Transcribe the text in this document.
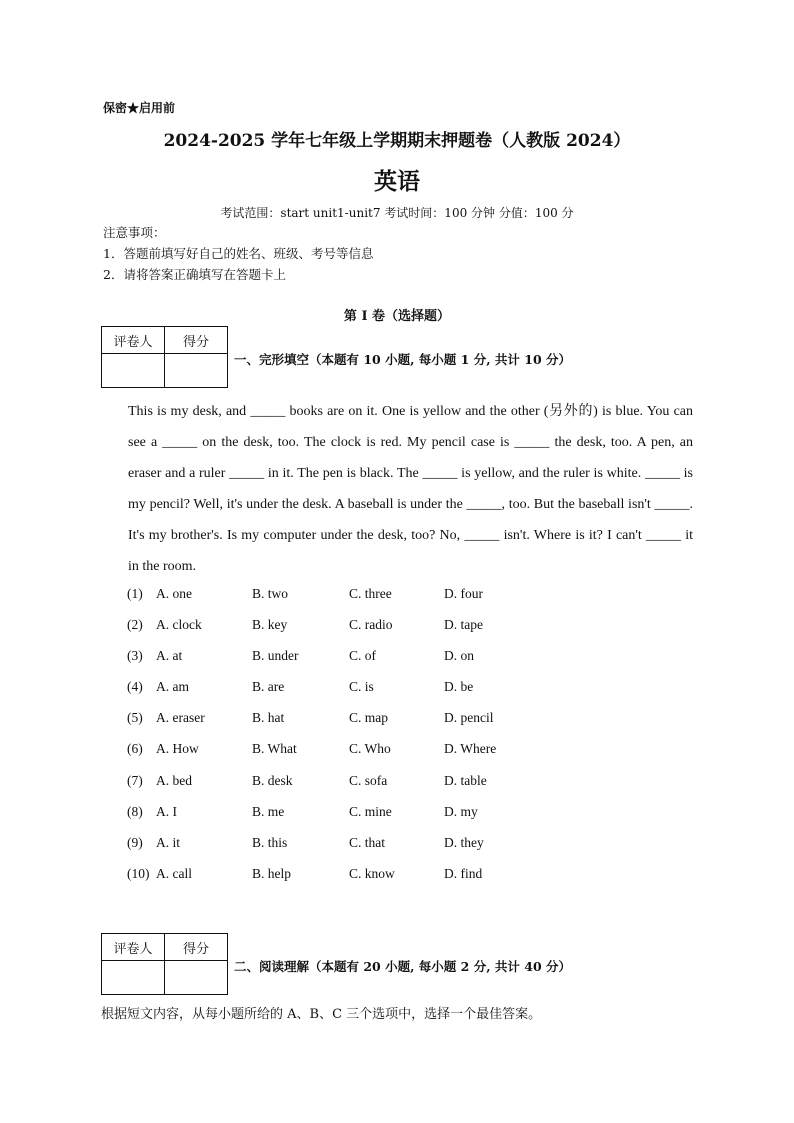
保密★启用前
2024-2025 学年七年级上学期期末押题卷（人教版 2024）
英语
考试范围：start unit1-unit7 考试时间：100 分钟 分值：100 分
注意事项：
1．答题前填写好自己的姓名、班级、考号等信息
2．请将答案正确填写在答题卡上
第 I 卷（选择题）
评卷人	得分

一、完形填空（本题有 10 小题, 每小题 1 分, 共计 10 分）
This is my desk, and _____ books are on it. One is yellow and the other (另外的) is blue. You can
see a _____ on the desk, too. The clock is red. My pencil case is _____ the desk, too. A pen, an
eraser and a ruler _____ in it. The pen is black. The _____ is yellow, and the ruler is white. _____ is
my pencil? Well, it's under the desk. A baseball is under the _____, too. But the baseball isn't _____.
It's my brother's. Is my computer under the desk, too? No, _____ isn't. Where is it? I can't _____ it
in the room.
(1) A. one	B. two	C. three	D. four
(2) A. clock	B. key	C. radio	D. tape
(3) A. at	B. under	C. of	D. on
(4) A. am	B. are	C. is	D. be
(5) A. eraser	B. hat	C. map	D. pencil
(6) A. How	B. What	C. Who	D. Where
(7) A. bed	B. desk	C. sofa	D. table
(8) A. I	B. me	C. mine	D. my
(9) A. it	B. this	C. that	D. they
(10) A. call	B. help	C. know	D. find
评卷人	得分

二、阅读理解（本题有 20 小题, 每小题 2 分, 共计 40 分）
根据短文内容，从每小题所给的 A、B、C 三个选项中，选择一个最佳答案。
